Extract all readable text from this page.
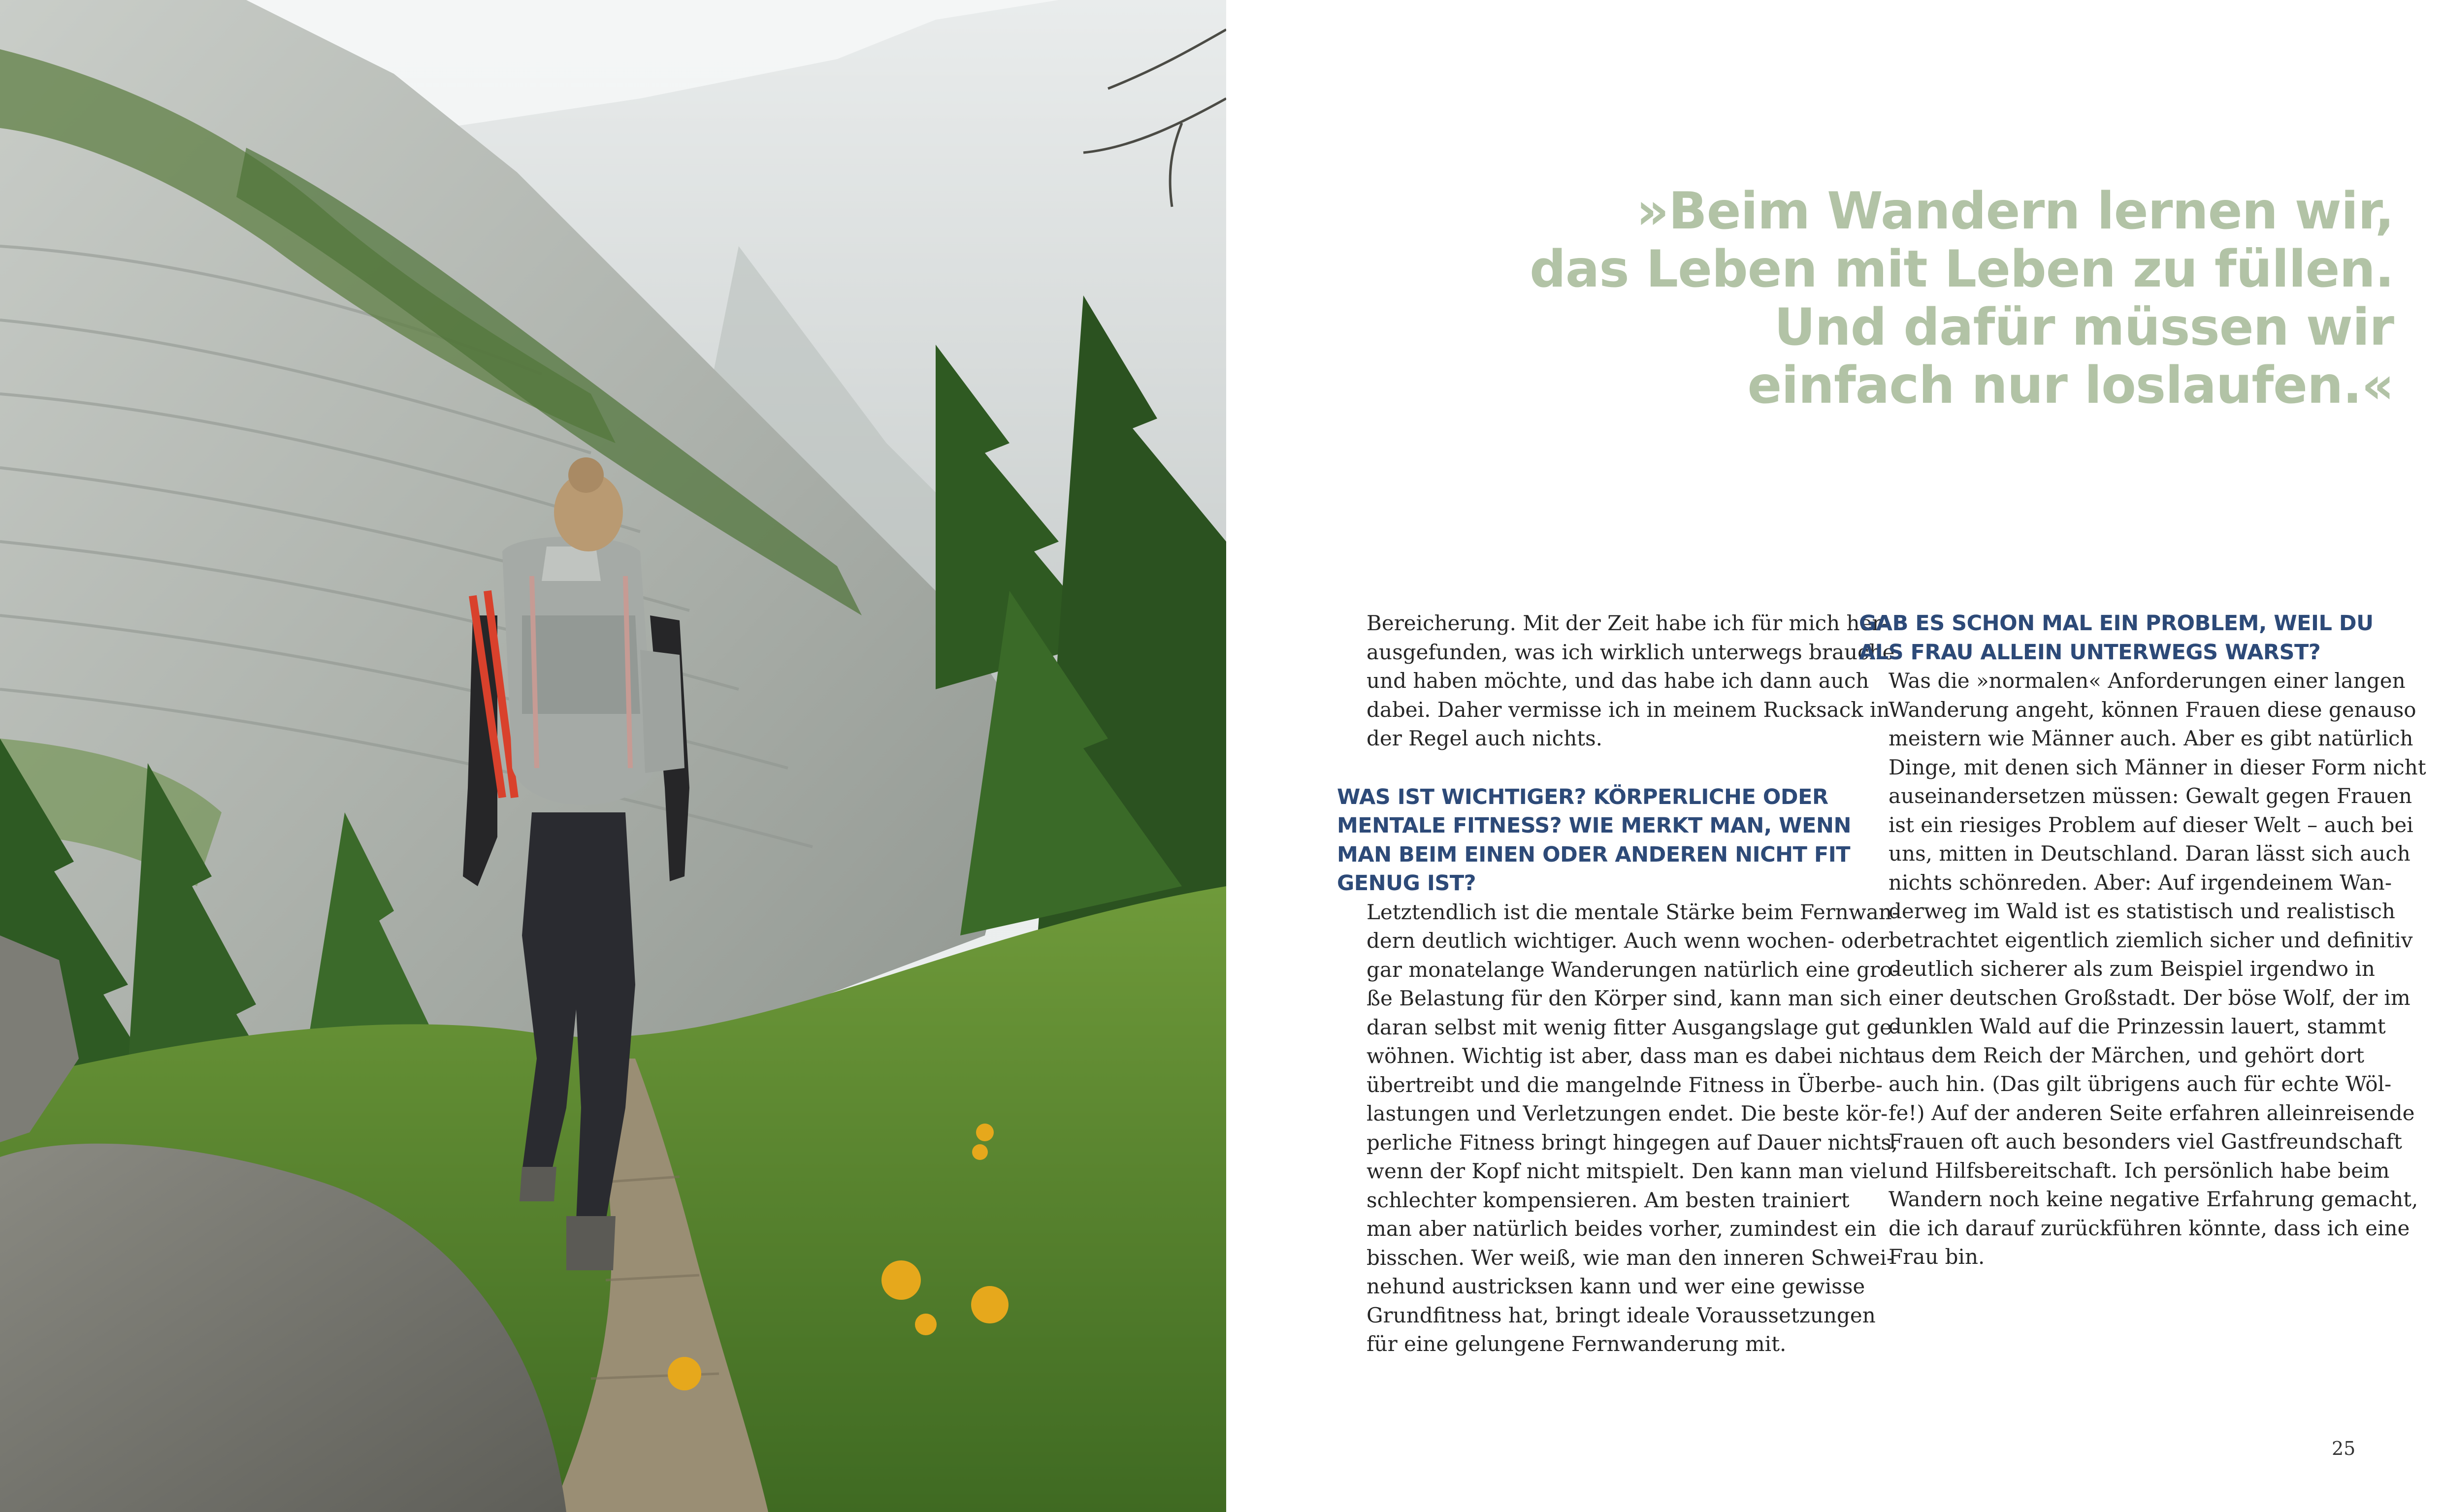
»Beim Wandern lernen wir,
das Leben mit Leben zu füllen.
Und dafür müssen wir
einfach nur loslaufen.«

Bereicherung. Mit der Zeit habe ich für mich her-
ausgefunden, was ich wirklich unterwegs brauche
und haben möchte, und das habe ich dann auch
dabei. Daher vermisse ich in meinem Rucksack in
der Regel auch nichts.

WAS IST WICHTIGER? KÖRPERLICHE ODER
MENTALE FITNESS? WIE MERKT MAN, WENN
MAN BEIM EINEN ODER ANDEREN NICHT FIT
GENUG IST?

Letztendlich ist die mentale Stärke beim Fernwan-
dern deutlich wichtiger. Auch wenn wochen- oder
gar monatelange Wanderungen natürlich eine gro-
ße Belastung für den Körper sind, kann man sich
daran selbst mit wenig fitter Ausgangslage gut ge-
wöhnen. Wichtig ist aber, dass man es dabei nicht
übertreibt und die mangelnde Fitness in Überbe-
lastungen und Verletzungen endet. Die beste kör-
perliche Fitness bringt hingegen auf Dauer nichts,
wenn der Kopf nicht mitspielt. Den kann man viel
schlechter kompensieren. Am besten trainiert
man aber natürlich beides vorher, zumindest ein
bisschen. Wer weiß, wie man den inneren Schwei-
nehund austricksen kann und wer eine gewisse
Grundfitness hat, bringt ideale Voraussetzungen
für eine gelungene Fernwanderung mit.

GAB ES SCHON MAL EIN PROBLEM, WEIL DU
ALS FRAU ALLEIN UNTERWEGS WARST?

Was die »normalen« Anforderungen einer langen
Wanderung angeht, können Frauen diese genauso
meistern wie Männer auch. Aber es gibt natürlich
Dinge, mit denen sich Männer in dieser Form nicht
auseinandersetzen müssen: Gewalt gegen Frauen
ist ein riesiges Problem auf dieser Welt – auch bei
uns, mitten in Deutschland. Daran lässt sich auch
nichts schönreden. Aber: Auf irgendeinem Wan-
derweg im Wald ist es statistisch und realistisch
betrachtet eigentlich ziemlich sicher und definitiv
deutlich sicherer als zum Beispiel irgendwo in
einer deutschen Großstadt. Der böse Wolf, der im
dunklen Wald auf die Prinzessin lauert, stammt
aus dem Reich der Märchen, und gehört dort
auch hin. (Das gilt übrigens auch für echte Wöl-
fe!) Auf der anderen Seite erfahren alleinreisende
Frauen oft auch besonders viel Gastfreundschaft
und Hilfsbereitschaft. Ich persönlich habe beim
Wandern noch keine negative Erfahrung gemacht,
die ich darauf zurückführen könnte, dass ich eine
Frau bin.

25
